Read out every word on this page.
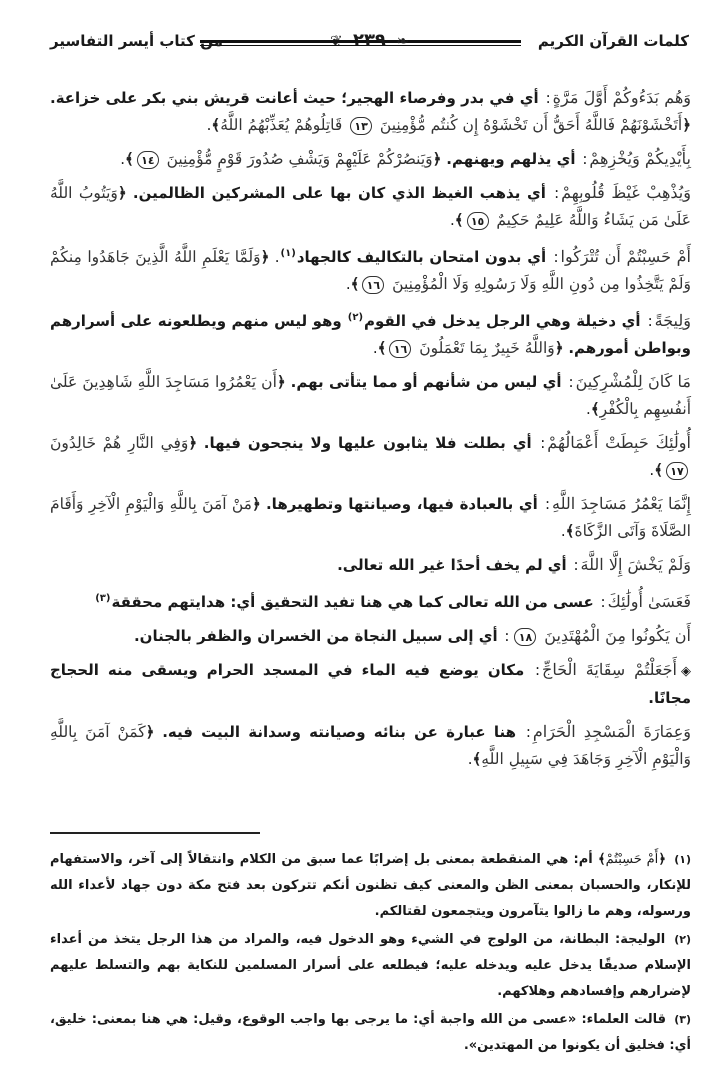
كلمات القرآن الكريم
❦ ٢٣٩ ❧
من كتاب أيسر التفاسير

وَهُم بَدَءُوكُمْ أَوَّلَ مَرَّةٍ: أي في بدر وفرصاء الهجير؛ حيث أعانت قريش بني بكر على خزاعة. ﴿أَتَخْشَوْنَهُمْ فَاللَّهُ أَحَقُّ أَن تَخْشَوْهُ إِن كُنتُم مُّؤْمِنِينَ ١٣ قَاتِلُوهُمْ يُعَذِّبْهُمُ اللَّهُ﴾.

بِأَيْدِيكُمْ وَيُخْزِهِمْ: أي يذلهم ويهنهم. ﴿وَيَنصُرْكُمْ عَلَيْهِمْ وَيَشْفِ صُدُورَ قَوْمٍ مُّؤْمِنِينَ ١٤﴾.

وَيُذْهِبْ غَيْظَ قُلُوبِهِمْ: أي يذهب الغيظ الذي كان بها على المشركين الظالمين. ﴿وَيَتُوبُ اللَّهُ عَلَىٰ مَن يَشَاءُ وَاللَّهُ عَلِيمٌ حَكِيمٌ ١٥﴾.

أَمْ حَسِبْتُمْ أَن تُتْرَكُوا: أي بدون امتحان بالتكاليف كالجهاد$^{(١)}$. ﴿وَلَمَّا يَعْلَمِ اللَّهُ الَّذِينَ جَاهَدُوا مِنكُمْ وَلَمْ يَتَّخِذُوا مِن دُونِ اللَّهِ وَلَا رَسُولِهِ وَلَا الْمُؤْمِنِينَ ١٦﴾.

وَلِيجَةً: أي دخيلة وهي الرجل يدخل في القوم$^{(٢)}$ وهو ليس منهم ويطلعونه على أسرارهم وبواطن أمورهم. ﴿وَاللَّهُ خَبِيرٌ بِمَا تَعْمَلُونَ ١٦﴾.

مَا كَانَ لِلْمُشْرِكِينَ: أي ليس من شأنهم أو مما يتأتى بهم. ﴿أَن يَعْمُرُوا مَسَاجِدَ اللَّهِ شَاهِدِينَ عَلَىٰ أَنفُسِهِم بِالْكُفْرِ﴾.

أُولَٰئِكَ حَبِطَتْ أَعْمَالُهُمْ: أي بطلت فلا يثابون عليها ولا ينجحون فيها. ﴿وَفِي النَّارِ هُمْ خَالِدُونَ ١٧﴾.

إِنَّمَا يَعْمُرُ مَسَاجِدَ اللَّهِ: أي بالعبادة فيها، وصيانتها وتطهيرها. ﴿مَنْ آمَنَ بِاللَّهِ وَالْيَوْمِ الْآخِرِ وَأَقَامَ الصَّلَاةَ وَآتَى الزَّكَاةَ﴾.

وَلَمْ يَخْشَ إِلَّا اللَّهَ: أي لم يخف أحدًا غير الله تعالى.

فَعَسَىٰ أُولَٰئِكَ: عسى من الله تعالى كما هي هنا تفيد التحقيق أي: هدايتهم محققة$^{(٣)}$

أَن يَكُونُوا مِنَ الْمُهْتَدِينَ ١٨: أي إلى سبيل النجاة من الخسران والظفر بالجنان.

◈أَجَعَلْتُمْ سِقَايَةَ الْحَاجِّ: مكان يوضع فيه الماء في المسجد الحرام ويسقى منه الحجاج مجانًا.

وَعِمَارَةَ الْمَسْجِدِ الْحَرَامِ: هنا عبارة عن بنائه وصيانته وسدانة البيت فيه. ﴿كَمَنْ آمَنَ بِاللَّهِ وَالْيَوْمِ الْآخِرِ وَجَاهَدَ فِي سَبِيلِ اللَّهِ﴾.

(١) ﴿أَمْ حَسِبْتُمْ﴾ أم: هي المنقطعة بمعنى بل إضرابًا عما سبق من الكلام وانتقالاً إلى آخر، والاستفهام للإنكار، والحسبان بمعنى الظن والمعنى كيف تظنون أنكم تتركون بعد فتح مكة دون جهاد لأعداء الله ورسوله، وهم ما زالوا يتآمرون ويتجمعون لقتالكم.

(٢) الوليجة: البطانة، من الولوج في الشيء وهو الدخول فيه، والمراد من هذا الرجل يتخذ من أعداء الإسلام صديقًا يدخل عليه ويدخله عليه؛ فيطلعه على أسرار المسلمين للنكاية بهم والتسلط عليهم لإضرارهم وإفسادهم وهلاكهم.

(٣) قالت العلماء: «عسى من الله واجبة أي: ما يرجى بها واجب الوقوع، وقيل: هي هنا بمعنى: خليق، أي: فخليق أن يكونوا من المهتدين».
